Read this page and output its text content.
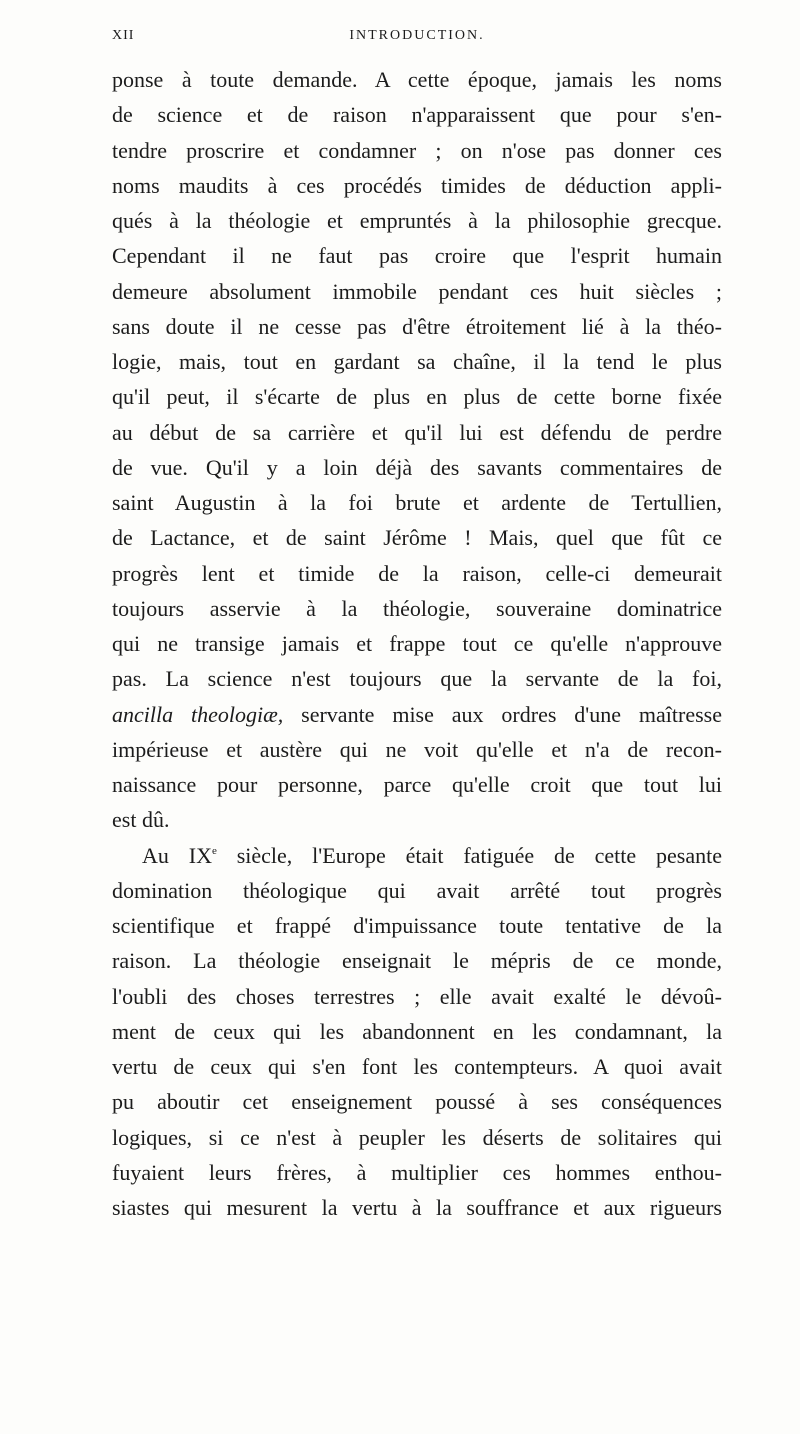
XII	INTRODUCTION.
ponse à toute demande. A cette époque, jamais les noms
de science et de raison n'apparaissent que pour s'en-
tendre proscrire et condamner ; on n'ose pas donner ces
noms maudits à ces procédés timides de déduction appli-
qués à la théologie et empruntés à la philosophie grecque.
Cependant il ne faut pas croire que l'esprit humain
demeure absolument immobile pendant ces huit siècles ;
sans doute il ne cesse pas d'être étroitement lié à la théo-
logie, mais, tout en gardant sa chaîne, il la tend le plus
qu'il peut, il s'écarte de plus en plus de cette borne fixée
au début de sa carrière et qu'il lui est défendu de perdre
de vue. Qu'il y a loin déjà des savants commentaires de
saint Augustin à la foi brute et ardente de Tertullien,
de Lactance, et de saint Jérôme ! Mais, quel que fût ce
progrès lent et timide de la raison, celle-ci demeurait
toujours asservie à la théologie, souveraine dominatrice
qui ne transige jamais et frappe tout ce qu'elle n'approuve
pas. La science n'est toujours que la servante de la foi,
ancilla theologiæ, servante mise aux ordres d'une maîtresse
impérieuse et austère qui ne voit qu'elle et n'a de recon-
naissance pour personne, parce qu'elle croit que tout lui
est dû.
Au IXe siècle, l'Europe était fatiguée de cette pesante
domination théologique qui avait arrêté tout progrès
scientifique et frappé d'impuissance toute tentative de la
raison. La théologie enseignait le mépris de ce monde,
l'oubli des choses terrestres ; elle avait exalté le dévoû-
ment de ceux qui les abandonnent en les condamnant, la
vertu de ceux qui s'en font les contempteurs. A quoi avait
pu aboutir cet enseignement poussé à ses conséquences
logiques, si ce n'est à peupler les déserts de solitaires qui
fuyaient leurs frères, à multiplier ces hommes enthou-
siastes qui mesurent la vertu à la souffrance et aux rigueurs
